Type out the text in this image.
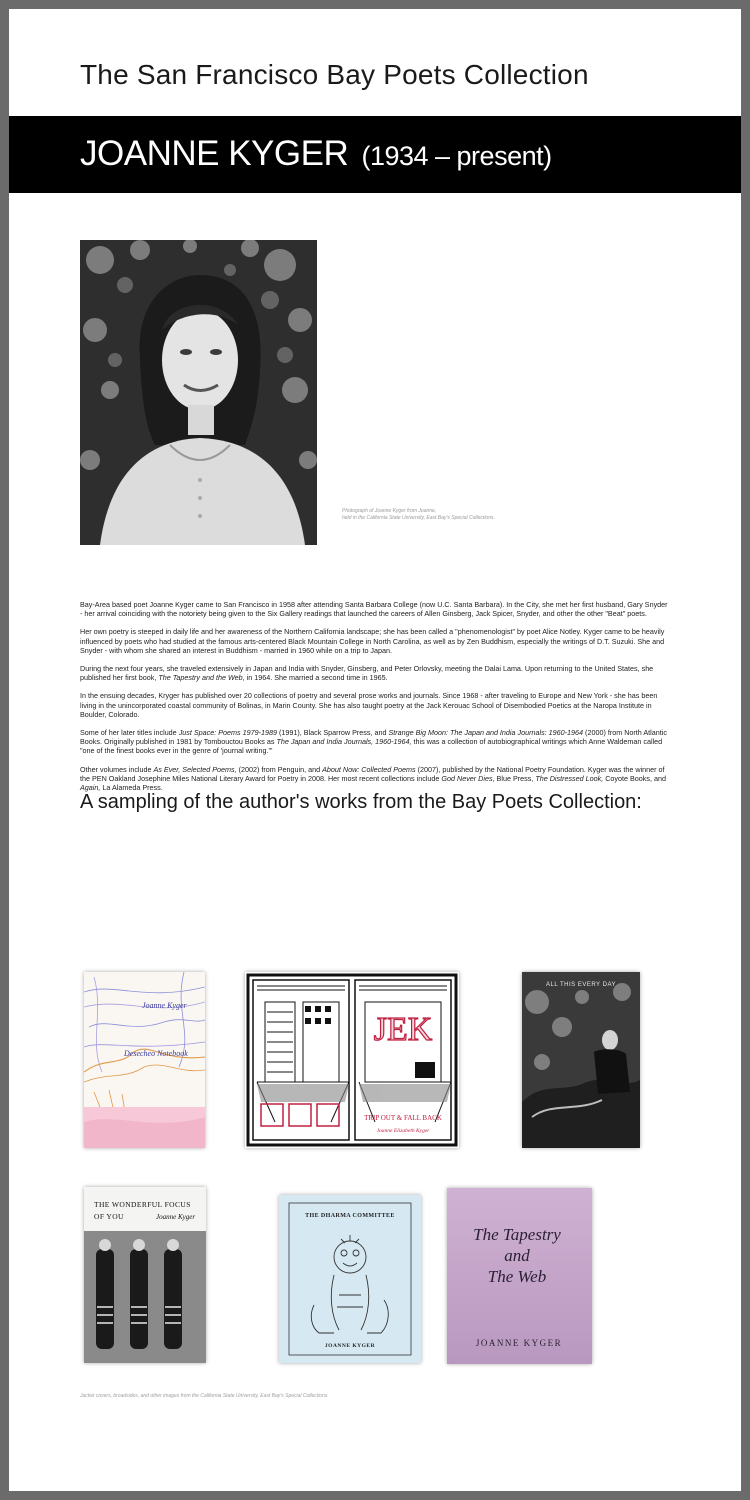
The San Francisco Bay Poets Collection
JOANNE KYGER (1934 – present)
Photograph of Joanne Kyger from Joanne,
held in the California State University, East Bay's Special Collections.

Bay-Area based poet Joanne Kyger came to San Francisco in 1958 after attending Santa Barbara College (now U.C. Santa Barbara). In the City, she met her first husband, Gary Snyder - her arrival coinciding with the notoriety being given to the Six Gallery readings that launched the careers of Allen Ginsberg, Jack Spicer, Snyder, and other the other "Beat" poets.

Her own poetry is steeped in daily life and her awareness of the Northern California landscape; she has been called a "phenomenologist" by poet Alice Notley. Kyger came to be heavily influenced by poets who had studied at the famous arts-centered Black Mountain College in North Carolina, as well as by Zen Buddhism, especially the writings of D.T. Suzuki. She and Snyder - with whom she shared an interest in Buddhism - married in 1960 while on a trip to Japan.

During the next four years, she traveled extensively in Japan and India with Snyder, Ginsberg, and Peter Orlovsky, meeting the Dalai Lama. Upon returning to the United States, she published her first book, The Tapestry and the Web, in 1964. She married a second time in 1965.

In the ensuing decades, Kryger has published over 20 collections of poetry and several prose works and journals. Since 1968 - after traveling to Europe and New York - she has been living in the unincorporated coastal community of Bolinas, in Marin County. She has also taught poetry at the Jack Kerouac School of Disembodied Poetics at the Naropa Institute in Boulder, Colorado.

Some of her later titles include Just Space: Poems 1979-1989 (1991), Black Sparrow Press, and Strange Big Moon: The Japan and India Journals: 1960-1964 (2000) from North Atlantic Books. Originally published in 1981 by Tombouctou Books as The Japan and India Journals, 1960-1964, this was a collection of autobiographical writings which Anne Waldeman called "one of the finest books ever in the genre of 'journal writing.'"

Other volumes include As Ever, Selected Poems, (2002) from Penguin, and About Now: Collected Poems (2007), published by the National Poetry Foundation. Kyger was the winner of the PEN Oakland Josephine Miles National Literary Award for Poetry in 2008. Her most recent collections include God Never Dies, Blue Press, The Distressed Look, Coyote Books, and Again, La Alameda Press.

A sampling of the author's works from the Bay Poets Collection:
Joanne Kyger
Desecheo Notebook
JEK
TRIP OUT & FALL BACK
Joanne Elizabeth Kyger
ALL THIS EVERY DAY
THE WONDERFUL FOCUS
OF YOU	Joanne Kyger	THE DHARMA COMMITTEE
JOANNE KYGER
The Tapestry
and
The Web
JOANNE KYGER
Jacket covers, broadsides, and other images from the California State University, East Bay's Special Collections.
